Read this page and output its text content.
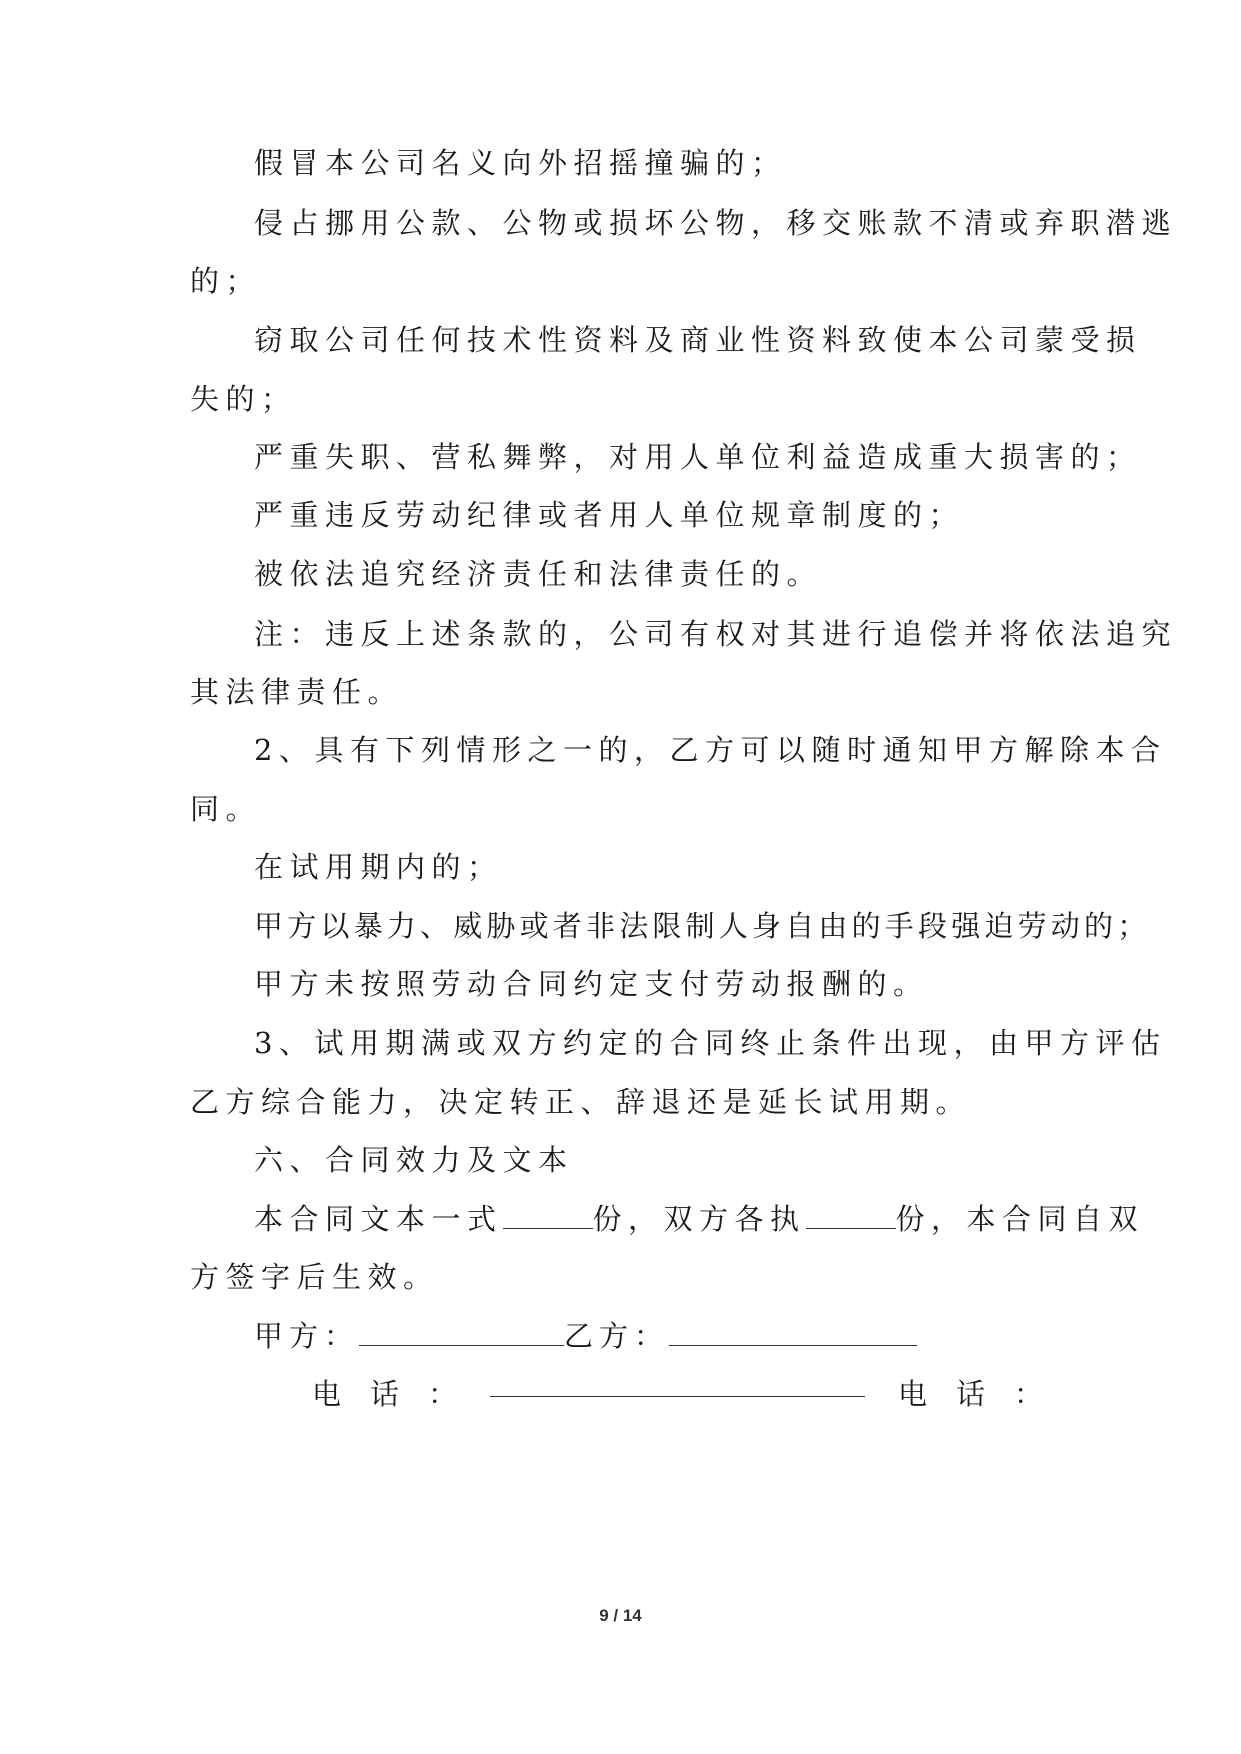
假冒本公司名义向外招摇撞骗的；
侵占挪用公款、公物或损坏公物，移交账款不清或弃职潜逃
的；
窃取公司任何技术性资料及商业性资料致使本公司蒙受损
失的；
严重失职、营私舞弊，对用人单位利益造成重大损害的；
严重违反劳动纪律或者用人单位规章制度的；
被依法追究经济责任和法律责任的。
注：违反上述条款的，公司有权对其进行追偿并将依法追究
其法律责任。
2、具有下列情形之一的，乙方可以随时通知甲方解除本合
同。
在试用期内的；
甲方以暴力、威胁或者非法限制人身自由的手段强迫劳动的；
甲方未按照劳动合同约定支付劳动报酬的。
3、试用期满或双方约定的合同终止条件出现，由甲方评估
乙方综合能力，决定转正、辞退还是延长试用期。
六、合同效力及文本
本合同文本一式	份，双方各执	份，本合同自双
方签字后生效。
甲方：	乙方：
电　话　：	电　话　：
9 / 14
